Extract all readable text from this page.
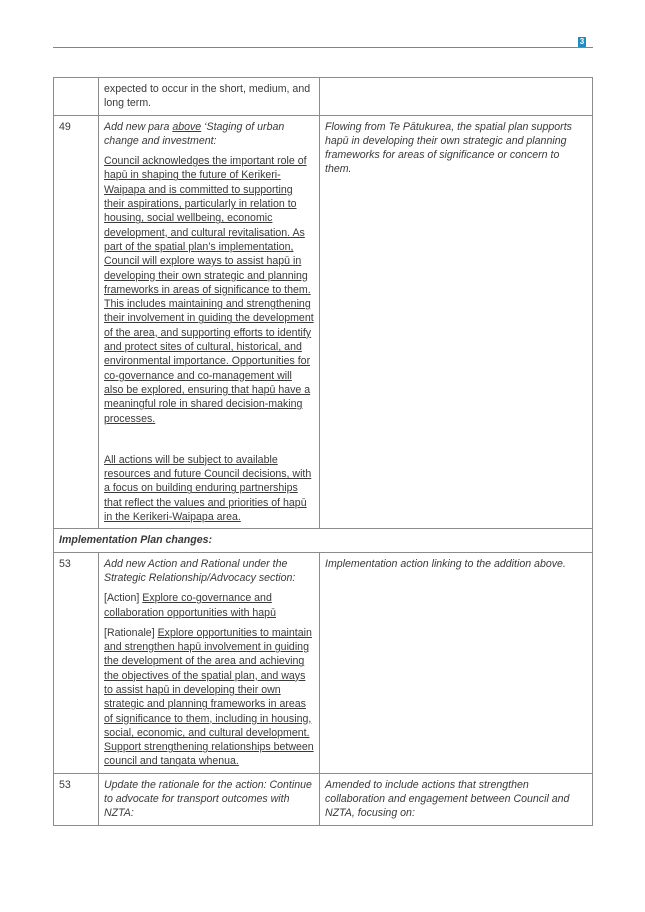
3
	expected to occur in the short, medium, and long term.	
49	Add new para above ‘Staging of urban change and investment:

Council acknowledges the important role of hapū in shaping the future of Kerikeri-Waipapa and is committed to supporting their aspirations, particularly in relation to housing, social wellbeing, economic development, and cultural revitalisation. As part of the spatial plan’s implementation, Council will explore ways to assist hapū in developing their own strategic and planning frameworks in areas of significance to them. This includes maintaining and strengthening their involvement in guiding the development of the area, and supporting efforts to identify and protect sites of cultural, historical, and environmental importance. Opportunities for co-governance and co-management will also be explored, ensuring that hapū have a meaningful role in shared decision-making processes.

All actions will be subject to available resources and future Council decisions, with a focus on building enduring partnerships that reflect the values and priorities of hapū in the Kerikeri-Waipapa area.	Flowing from Te Pātukurea, the spatial plan supports hapū in developing their own strategic and planning frameworks for areas of significance or concern to them.
Implementation Plan changes:		
53	Add new Action and Rational under the Strategic Relationship/Advocacy section:

[Action] Explore co-governance and collaboration opportunities with hapū

[Rationale] Explore opportunities to maintain and strengthen hapū involvement in guiding the development of the area and achieving the objectives of the spatial plan, and ways to assist hapū in developing their own strategic and planning frameworks in areas of significance to them, including in housing, social, economic, and cultural development. Support strengthening relationships between council and tangata whenua.	Implementation action linking to the addition above.
53	Update the rationale for the action: Continue to advocate for transport outcomes with NZTA:	Amended to include actions that strengthen collaboration and engagement between Council and NZTA, focusing on:
